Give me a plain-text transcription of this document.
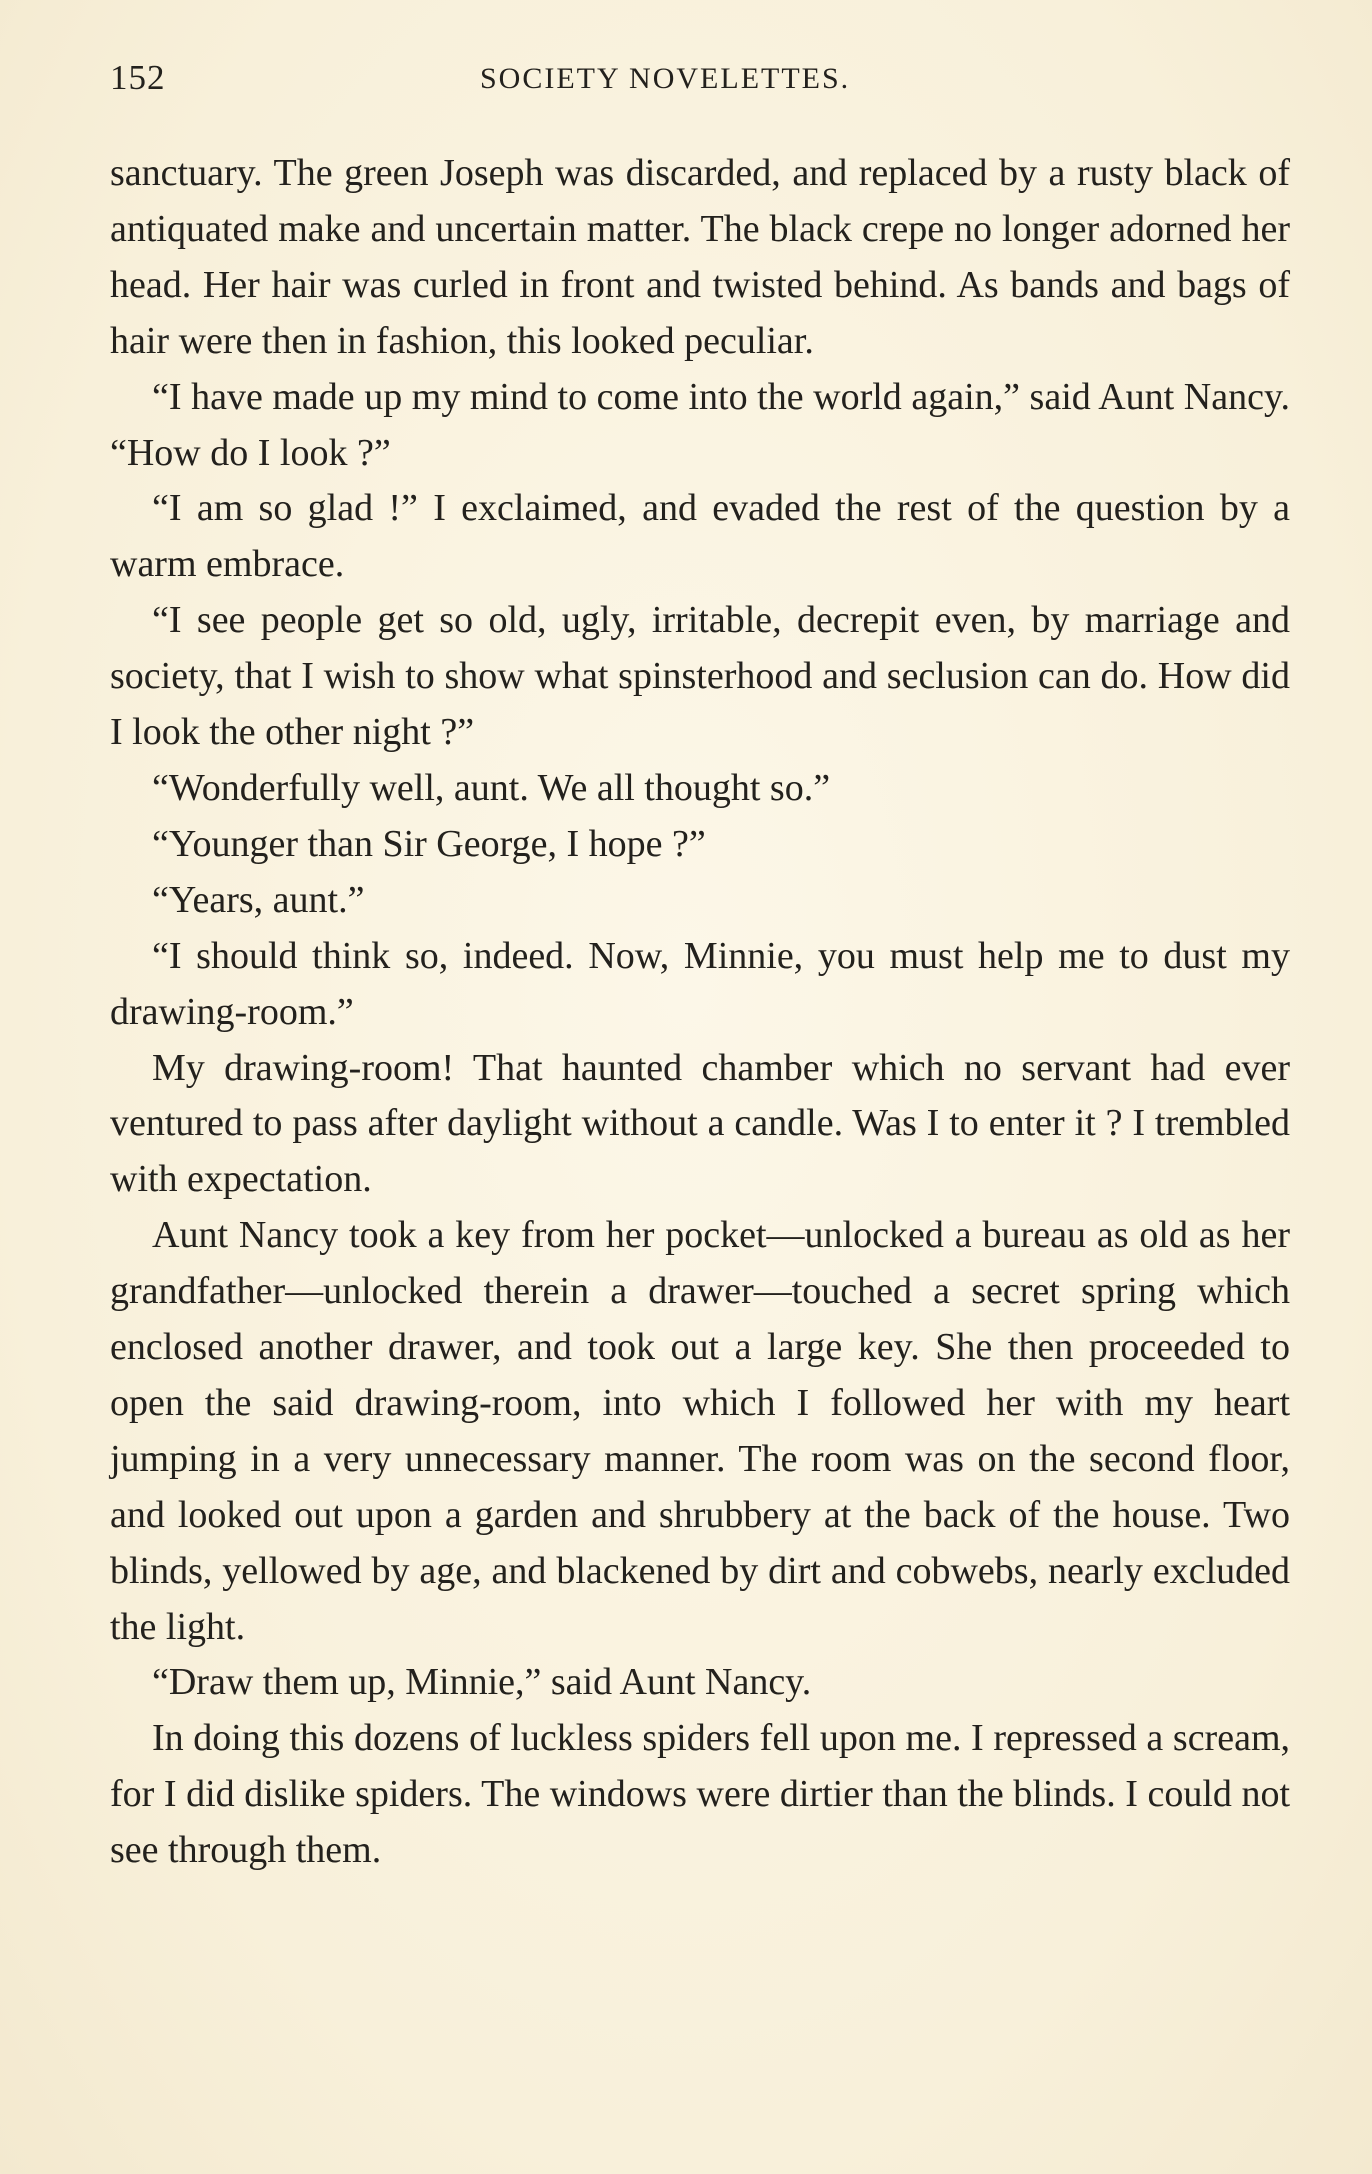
152	SOCIETY NOVELETTES.

sanctuary. The green Joseph was discarded, and replaced by a rusty black of antiquated make and uncertain matter. The black crepe no longer adorned her head. Her hair was curled in front and twisted behind. As bands and bags of hair were then in fashion, this looked peculiar.

“I have made up my mind to come into the world again,” said Aunt Nancy. “How do I look ?”

“I am so glad !” I exclaimed, and evaded the rest of the question by a warm embrace.

“I see people get so old, ugly, irritable, decrepit even, by marriage and society, that I wish to show what spinsterhood and seclusion can do. How did I look the other night ?”

“Wonderfully well, aunt. We all thought so.”

“Younger than Sir George, I hope ?”

“Years, aunt.”

“I should think so, indeed. Now, Minnie, you must help me to dust my drawing-room.”

My drawing-room! That haunted chamber which no servant had ever ventured to pass after daylight without a candle. Was I to enter it ? I trembled with expectation.

Aunt Nancy took a key from her pocket—unlocked a bureau as old as her grandfather—unlocked therein a drawer—touched a secret spring which enclosed another drawer, and took out a large key. She then proceeded to open the said drawing-room, into which I followed her with my heart jumping in a very unnecessary manner. The room was on the second floor, and looked out upon a garden and shrubbery at the back of the house. Two blinds, yellowed by age, and blackened by dirt and cobwebs, nearly excluded the light.

“Draw them up, Minnie,” said Aunt Nancy.

In doing this dozens of luckless spiders fell upon me. I repressed a scream, for I did dislike spiders. The windows were dirtier than the blinds. I could not see through them.
